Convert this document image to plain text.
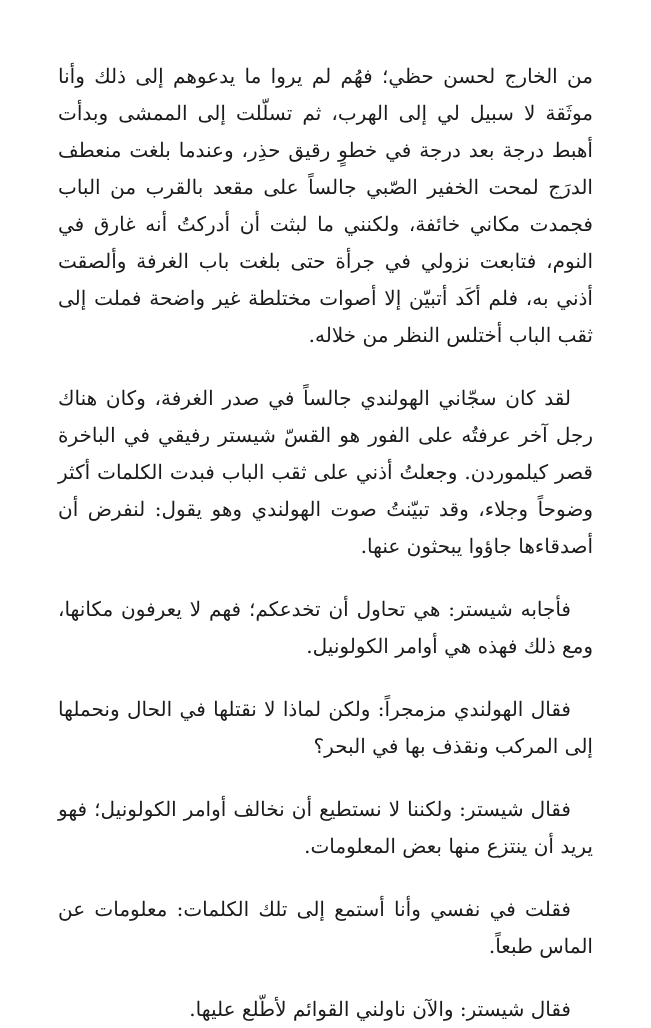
من الخارج لحسن حظي؛ فهُم لم يروا ما يدعوهم إلى ذلك وأنا موثَقة لا سبيل لي إلى الهرب، ثم تسلّلت إلى الممشى وبدأت أهبط درجة بعد درجة في خطوٍ رقيق حذِر، وعندما بلغت منعطف الدرَج لمحت الخفير الصّبي جالساً على مقعد بالقرب من الباب فجمدت مكاني خائفة، ولكنني ما لبثت أن أدركتُ أنه غارق في النوم، فتابعت نزولي في جرأة حتى بلغت باب الغرفة وألصقت أذني به، فلم أكَد أتبيّن إلا أصوات مختلطة غير واضحة فملت إلى ثقب الباب أختلس النظر من خلاله.

لقد كان سجّاني الهولندي جالساً في صدر الغرفة، وكان هناك رجل آخر عرفتُه على الفور هو القسّ شيستر رفيقي في الباخرة قصر كيلموردن. وجعلتُ أذني على ثقب الباب فبدت الكلمات أكثر وضوحاً وجلاء، وقد تبيّنتُ صوت الهولندي وهو يقول: لنفرض أن أصدقاءها جاؤوا يبحثون عنها.

فأجابه شيستر: هي تحاول أن تخدعكم؛ فهم لا يعرفون مكانها، ومع ذلك فهذه هي أوامر الكولونيل.

فقال الهولندي مزمجراً: ولكن لماذا لا نقتلها في الحال ونحملها إلى المركب ونقذف بها في البحر؟

فقال شيستر: ولكننا لا نستطيع أن نخالف أوامر الكولونيل؛ فهو يريد أن ينتزع منها بعض المعلومات.

فقلت في نفسي وأنا أستمع إلى تلك الكلمات: معلومات عن الماس طبعاً.

فقال شيستر: والآن ناولني القوائم لأطّلع عليها.
